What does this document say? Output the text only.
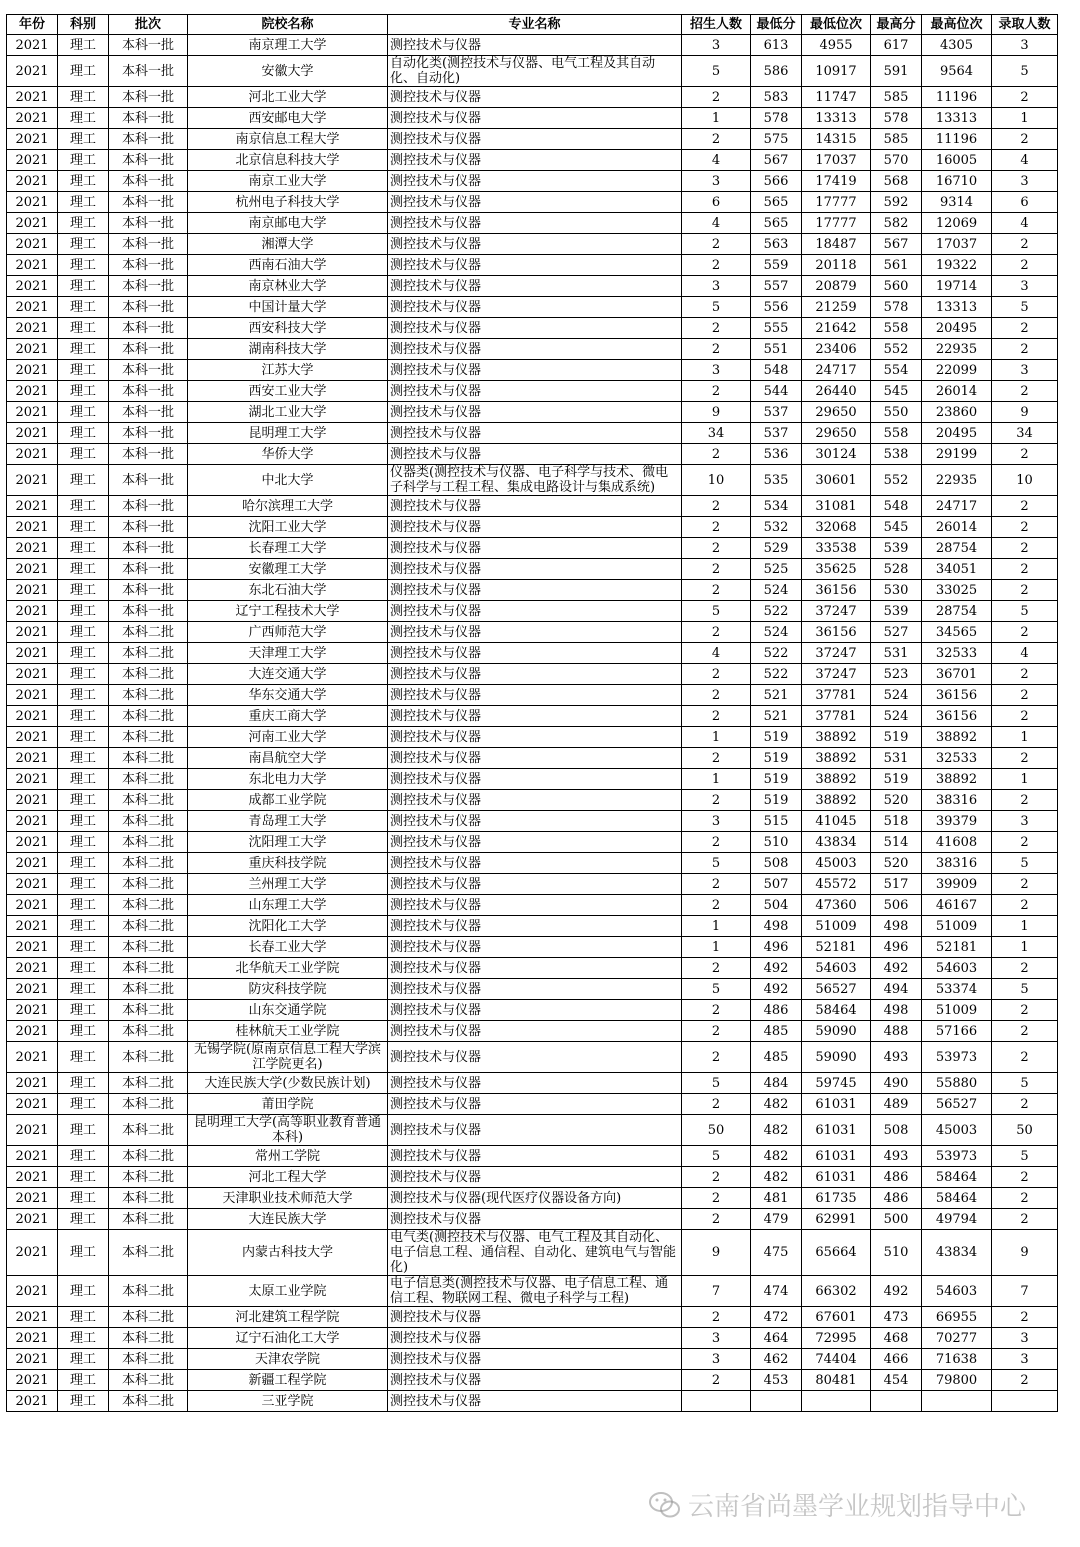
年份	科别	批次	院校名称	专业名称	招生人数	最低分	最低位次	最高分	最高位次	录取人数
2021	理工	本科一批	南京理工大学	测控技术与仪器	3	613	4955	617	4305	3
2021	理工	本科一批	安徽大学	自动化类(测控技术与仪器、电气工程及其自动化、自动化)	5	586	10917	591	9564	5
2021	理工	本科一批	河北工业大学	测控技术与仪器	2	583	11747	585	11196	2
2021	理工	本科一批	西安邮电大学	测控技术与仪器	1	578	13313	578	13313	1
2021	理工	本科一批	南京信息工程大学	测控技术与仪器	2	575	14315	585	11196	2
2021	理工	本科一批	北京信息科技大学	测控技术与仪器	4	567	17037	570	16005	4
2021	理工	本科一批	南京工业大学	测控技术与仪器	3	566	17419	568	16710	3
2021	理工	本科一批	杭州电子科技大学	测控技术与仪器	6	565	17777	592	9314	6
2021	理工	本科一批	南京邮电大学	测控技术与仪器	4	565	17777	582	12069	4
2021	理工	本科一批	湘潭大学	测控技术与仪器	2	563	18487	567	17037	2
2021	理工	本科一批	西南石油大学	测控技术与仪器	2	559	20118	561	19322	2
2021	理工	本科一批	南京林业大学	测控技术与仪器	3	557	20879	560	19714	3
2021	理工	本科一批	中国计量大学	测控技术与仪器	5	556	21259	578	13313	5
2021	理工	本科一批	西安科技大学	测控技术与仪器	2	555	21642	558	20495	2
2021	理工	本科一批	湖南科技大学	测控技术与仪器	2	551	23406	552	22935	2
2021	理工	本科一批	江苏大学	测控技术与仪器	3	548	24717	554	22099	3
2021	理工	本科一批	西安工业大学	测控技术与仪器	2	544	26440	545	26014	2
2021	理工	本科一批	湖北工业大学	测控技术与仪器	9	537	29650	550	23860	9
2021	理工	本科一批	昆明理工大学	测控技术与仪器	34	537	29650	558	20495	34
2021	理工	本科一批	华侨大学	测控技术与仪器	2	536	30124	538	29199	2
2021	理工	本科一批	中北大学	仪器类(测控技术与仪器、电子科学与技术、微电子科学与工程工程、集成电路设计与集成系统)	10	535	30601	552	22935	10
2021	理工	本科一批	哈尔滨理工大学	测控技术与仪器	2	534	31081	548	24717	2
2021	理工	本科一批	沈阳工业大学	测控技术与仪器	2	532	32068	545	26014	2
2021	理工	本科一批	长春理工大学	测控技术与仪器	2	529	33538	539	28754	2
2021	理工	本科一批	安徽理工大学	测控技术与仪器	2	525	35625	528	34051	2
2021	理工	本科一批	东北石油大学	测控技术与仪器	2	524	36156	530	33025	2
2021	理工	本科一批	辽宁工程技术大学	测控技术与仪器	5	522	37247	539	28754	5
2021	理工	本科二批	广西师范大学	测控技术与仪器	2	524	36156	527	34565	2
2021	理工	本科二批	天津理工大学	测控技术与仪器	4	522	37247	531	32533	4
2021	理工	本科二批	大连交通大学	测控技术与仪器	2	522	37247	523	36701	2
2021	理工	本科二批	华东交通大学	测控技术与仪器	2	521	37781	524	36156	2
2021	理工	本科二批	重庆工商大学	测控技术与仪器	2	521	37781	524	36156	2
2021	理工	本科二批	河南工业大学	测控技术与仪器	1	519	38892	519	38892	1
2021	理工	本科二批	南昌航空大学	测控技术与仪器	2	519	38892	531	32533	2
2021	理工	本科二批	东北电力大学	测控技术与仪器	1	519	38892	519	38892	1
2021	理工	本科二批	成都工业学院	测控技术与仪器	2	519	38892	520	38316	2
2021	理工	本科二批	青岛理工大学	测控技术与仪器	3	515	41045	518	39379	3
2021	理工	本科二批	沈阳理工大学	测控技术与仪器	2	510	43834	514	41608	2
2021	理工	本科二批	重庆科技学院	测控技术与仪器	5	508	45003	520	38316	5
2021	理工	本科二批	兰州理工大学	测控技术与仪器	2	507	45572	517	39909	2
2021	理工	本科二批	山东理工大学	测控技术与仪器	2	504	47360	506	46167	2
2021	理工	本科二批	沈阳化工大学	测控技术与仪器	1	498	51009	498	51009	1
2021	理工	本科二批	长春工业大学	测控技术与仪器	1	496	52181	496	52181	1
2021	理工	本科二批	北华航天工业学院	测控技术与仪器	2	492	54603	492	54603	2
2021	理工	本科二批	防灾科技学院	测控技术与仪器	5	492	56527	494	53374	5
2021	理工	本科二批	山东交通学院	测控技术与仪器	2	486	58464	498	51009	2
2021	理工	本科二批	桂林航天工业学院	测控技术与仪器	2	485	59090	488	57166	2
2021	理工	本科二批	无锡学院(原南京信息工程大学滨江学院更名)	测控技术与仪器	2	485	59090	493	53973	2
2021	理工	本科二批	大连民族大学(少数民族计划)	测控技术与仪器	5	484	59745	490	55880	5
2021	理工	本科二批	莆田学院	测控技术与仪器	2	482	61031	489	56527	2
2021	理工	本科二批	昆明理工大学(高等职业教育普通本科)	测控技术与仪器	50	482	61031	508	45003	50
2021	理工	本科二批	常州工学院	测控技术与仪器	5	482	61031	493	53973	5
2021	理工	本科二批	河北工程大学	测控技术与仪器	2	482	61031	486	58464	2
2021	理工	本科二批	天津职业技术师范大学	测控技术与仪器(现代医疗仪器设备方向)	2	481	61735	486	58464	2
2021	理工	本科二批	大连民族大学	测控技术与仪器	2	479	62991	500	49794	2
2021	理工	本科二批	内蒙古科技大学	电气类(测控技术与仪器、电气工程及其自动化、电子信息工程、通信程、自动化、建筑电气与智能化)	9	475	65664	510	43834	9
2021	理工	本科二批	太原工业学院	电子信息类(测控技术与仪器、电子信息工程、通信工程、物联网工程、微电子科学与工程)	7	474	66302	492	54603	7
2021	理工	本科二批	河北建筑工程学院	测控技术与仪器	2	472	67601	473	66955	2
2021	理工	本科二批	辽宁石油化工大学	测控技术与仪器	3	464	72995	468	70277	3
2021	理工	本科二批	天津农学院	测控技术与仪器	3	462	74404	466	71638	3
2021	理工	本科二批	新疆工程学院	测控技术与仪器	2	453	80481	454	79800	2
2021	理工	本科二批	三亚学院	测控技术与仪器						
云南省尚墨学业规划指导中心
